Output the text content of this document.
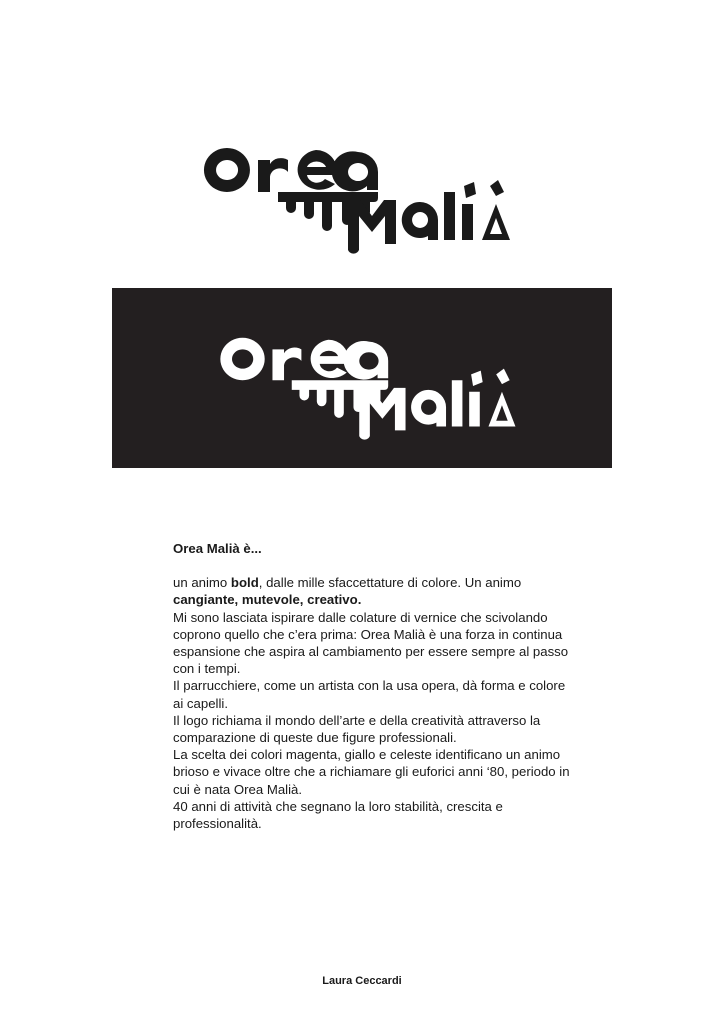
Orea Malià è...

un animo bold, dalle mille sfaccettature di colore. Un animo

cangiante, mutevole, creativo.

Mi sono lasciata ispirare dalle colature di vernice che scivolando coprono quello che c’era prima: Orea Malià è una forza in continua espansione che aspira al cambiamento per essere sempre al passo con i tempi.

Il parrucchiere, come un artista con la usa opera, dà forma e colore ai capelli.

Il logo richiama il mondo dell’arte e della creatività attraverso la comparazione di queste due figure professionali.

La scelta dei colori magenta, giallo e celeste identificano un animo brioso e vivace oltre che a richiamare gli euforici anni ‘80, periodo in cui è nata Orea Malià.

40 anni di attività che segnano la loro stabilità, crescita e professionalità.

Laura Ceccardi
